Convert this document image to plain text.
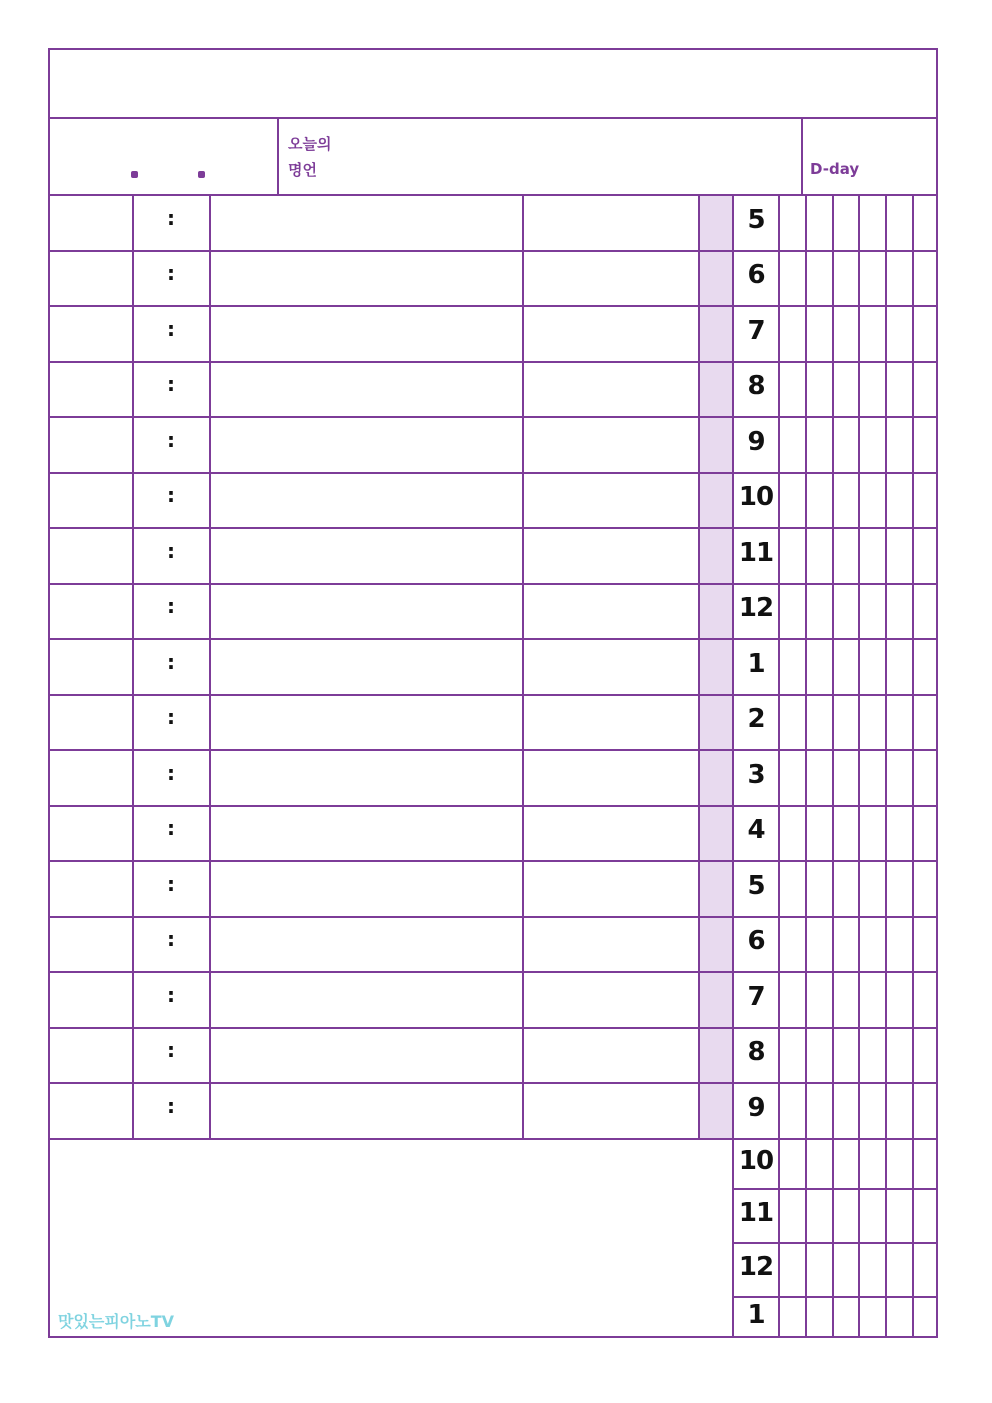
오늘의
명언	D-day
:
:
:
:
:
:
:
:
:
:
:
:
:
:
:
:
:
5
6
7
8
9
10
11
12
1
2
3
4
5
6
7
8
9
10
11
12
1
맛있는피아노TV
